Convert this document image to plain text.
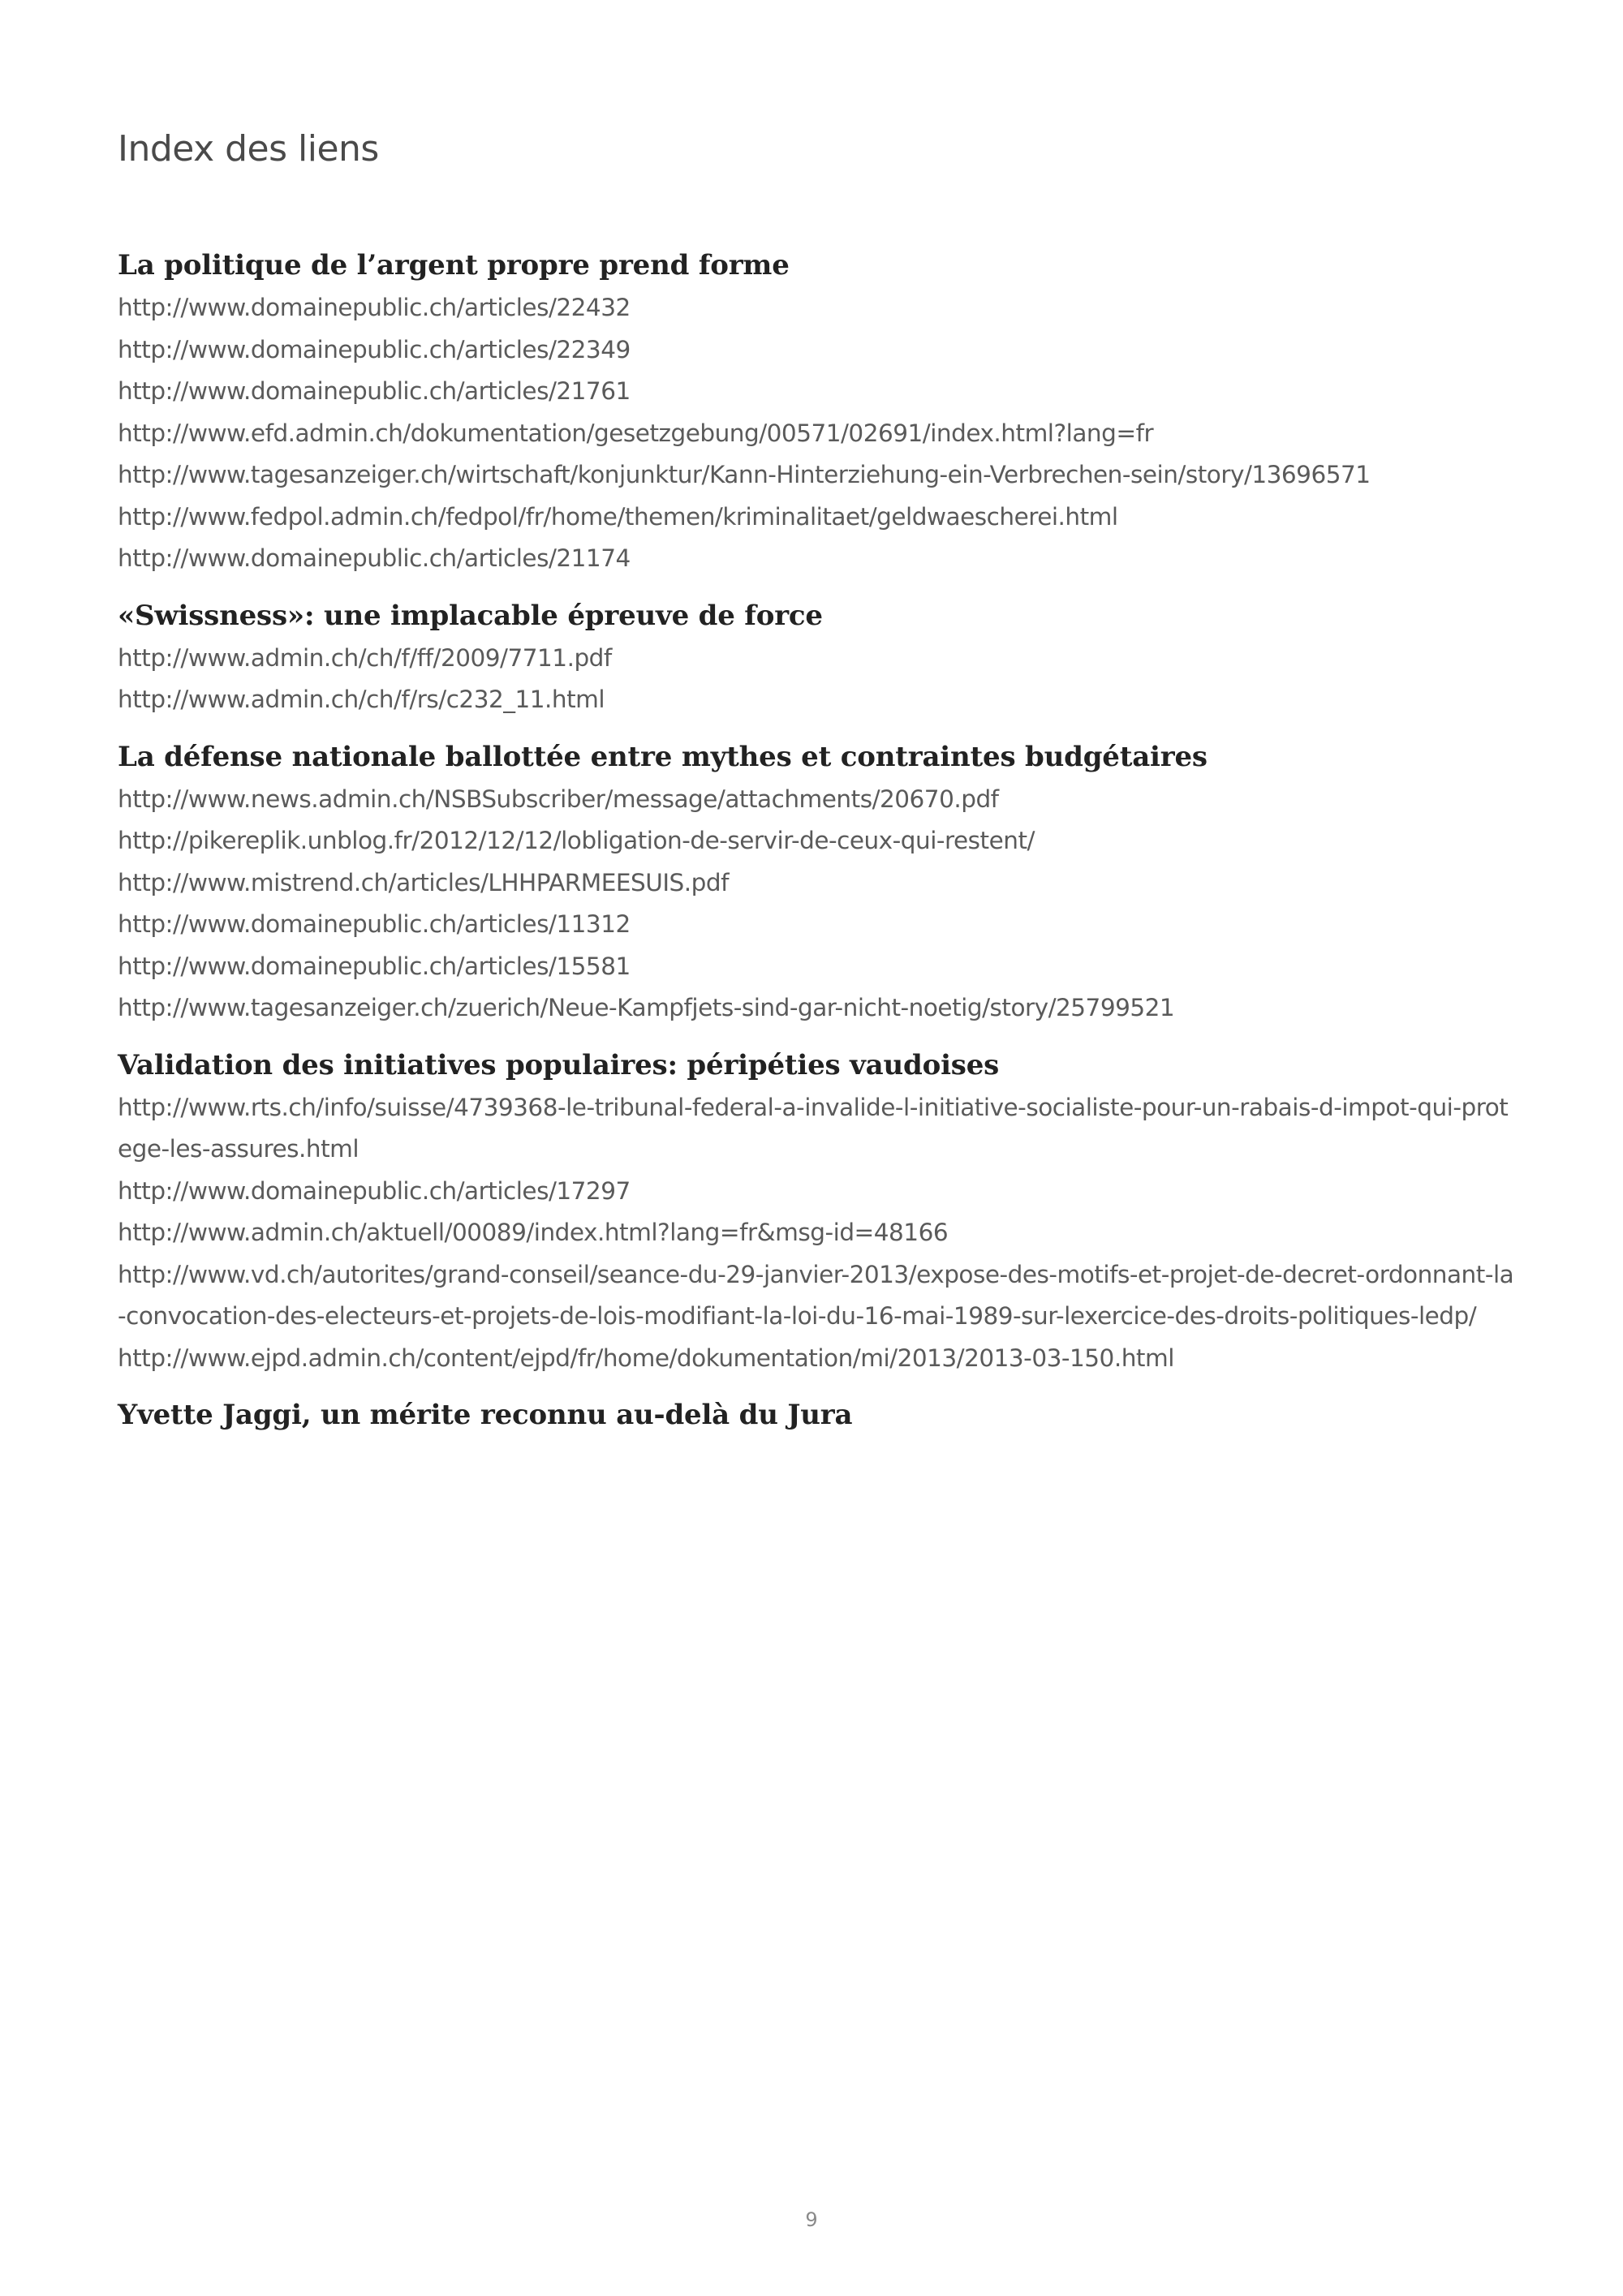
Index des liens
La politique de l’argent propre prend forme
http://www.domainepublic.ch/articles/22432
http://www.domainepublic.ch/articles/22349
http://www.domainepublic.ch/articles/21761
http://www.efd.admin.ch/dokumentation/gesetzgebung/00571/02691/index.html?lang=fr
http://www.tagesanzeiger.ch/wirtschaft/konjunktur/Kann-Hinterziehung-ein-Verbrechen-sein/story/13696571
http://www.fedpol.admin.ch/fedpol/fr/home/themen/kriminalitaet/geldwaescherei.html
http://www.domainepublic.ch/articles/21174
«Swissness»: une implacable épreuve de force
http://www.admin.ch/ch/f/ff/2009/7711.pdf
http://www.admin.ch/ch/f/rs/c232_11.html
La défense nationale ballottée entre mythes et contraintes budgétaires
http://www.news.admin.ch/NSBSubscriber/message/attachments/20670.pdf
http://pikereplik.unblog.fr/2012/12/12/lobligation-de-servir-de-ceux-qui-restent/
http://www.mistrend.ch/articles/LHHPARMEESUIS.pdf
http://www.domainepublic.ch/articles/11312
http://www.domainepublic.ch/articles/15581
http://www.tagesanzeiger.ch/zuerich/Neue-Kampfjets-sind-gar-nicht-noetig/story/25799521
Validation des initiatives populaires: péripéties vaudoises
http://www.rts.ch/info/suisse/4739368-le-tribunal-federal-a-invalide-l-initiative-socialiste-pour-un-rabais-d-impot-qui-protege-les-assures.html
http://www.domainepublic.ch/articles/17297
http://www.admin.ch/aktuell/00089/index.html?lang=fr&msg-id=48166
http://www.vd.ch/autorites/grand-conseil/seance-du-29-janvier-2013/expose-des-motifs-et-projet-de-decret-ordonnant-la-convocation-des-electeurs-et-projets-de-lois-modifiant-la-loi-du-16-mai-1989-sur-lexercice-des-droits-politiques-ledp/
http://www.ejpd.admin.ch/content/ejpd/fr/home/dokumentation/mi/2013/2013-03-150.html
Yvette Jaggi, un mérite reconnu au-delà du Jura
9
